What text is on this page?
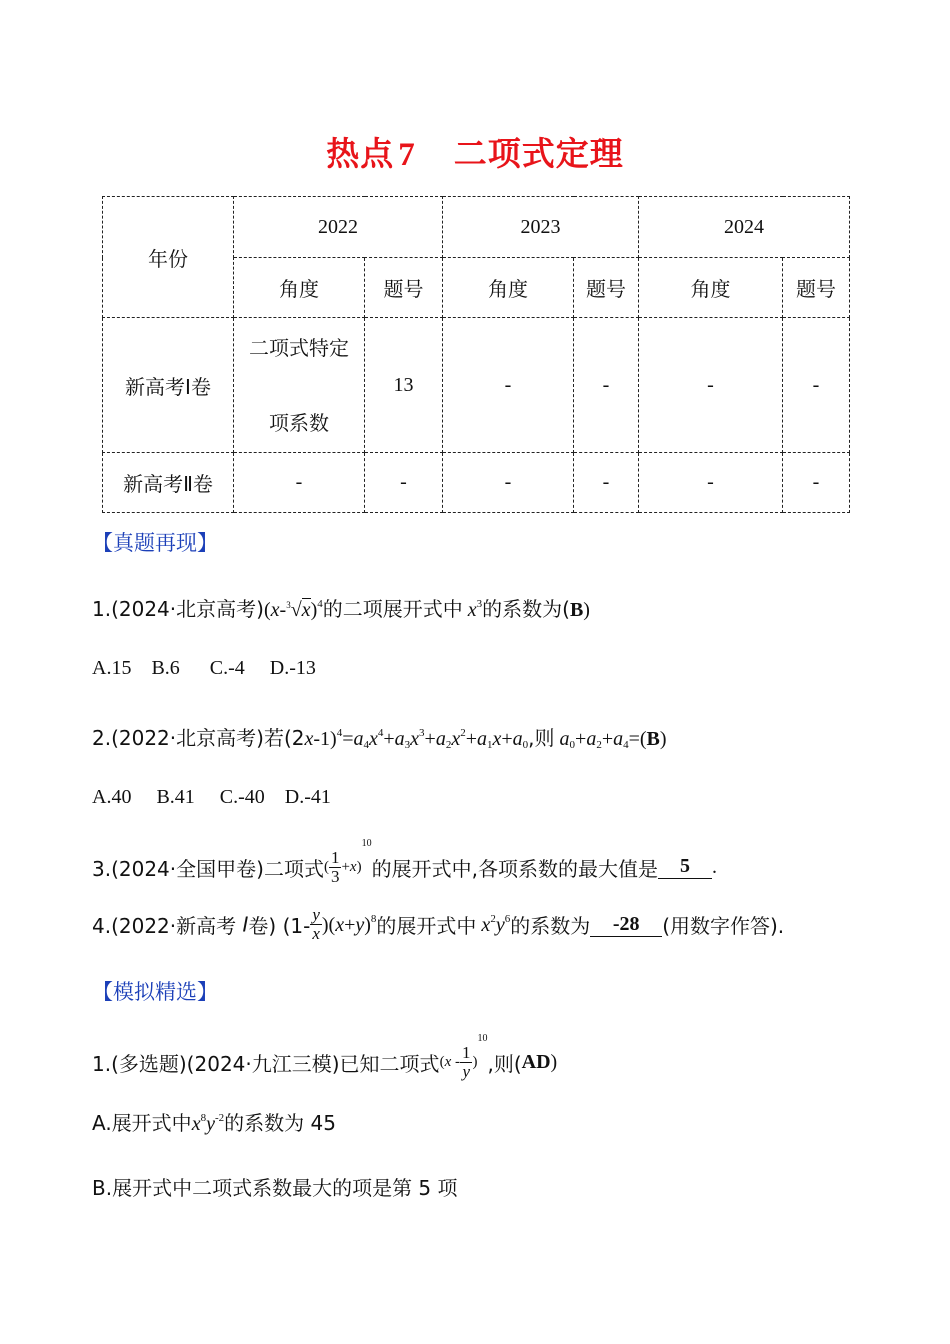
热点 7 二项式定理
年份	2022		2023		2024	
	角度	题号	角度	题号	角度	题号
新高考Ⅰ卷	二项式特定
项系数	13	-	-	-	-
新高考Ⅱ卷	-	-	-	-	-	-
【真题再现】
1.(2024·北京高考)$(x-^3√x)^4$的二项展开式中 $x^3$的系数为(B)
A.15    B.6      C.-4     D.-13
2.(2022·北京高考)若$(2x-1)^4=a_4x^4+a_3x^3+a_2x^2+a_1x+a_0$,则 $a_0+a_2+a_4=(B)$
A.40     B.41     C.-40    D.-41
3.(2024·全国甲卷)二项式( $\frac{1}{3} +x)^{10}$的展开式中,各项系数的最大值是 5 .
4.(2022·新高考 Ⅰ卷) $(1- \frac{y}{x} )(x+y)^8$的展开式中 $x^2y^6$的系数为 -28 (用数字作答).
【模拟精选】
1.(多选题)(2024·九江三模)已知二项式$(x - \frac{1}{y} )^{10}$,则(AD)
A.展开式中$x^8y^{-2}$的系数为 45
B.展开式中二项式系数最大的项是第 5 项
